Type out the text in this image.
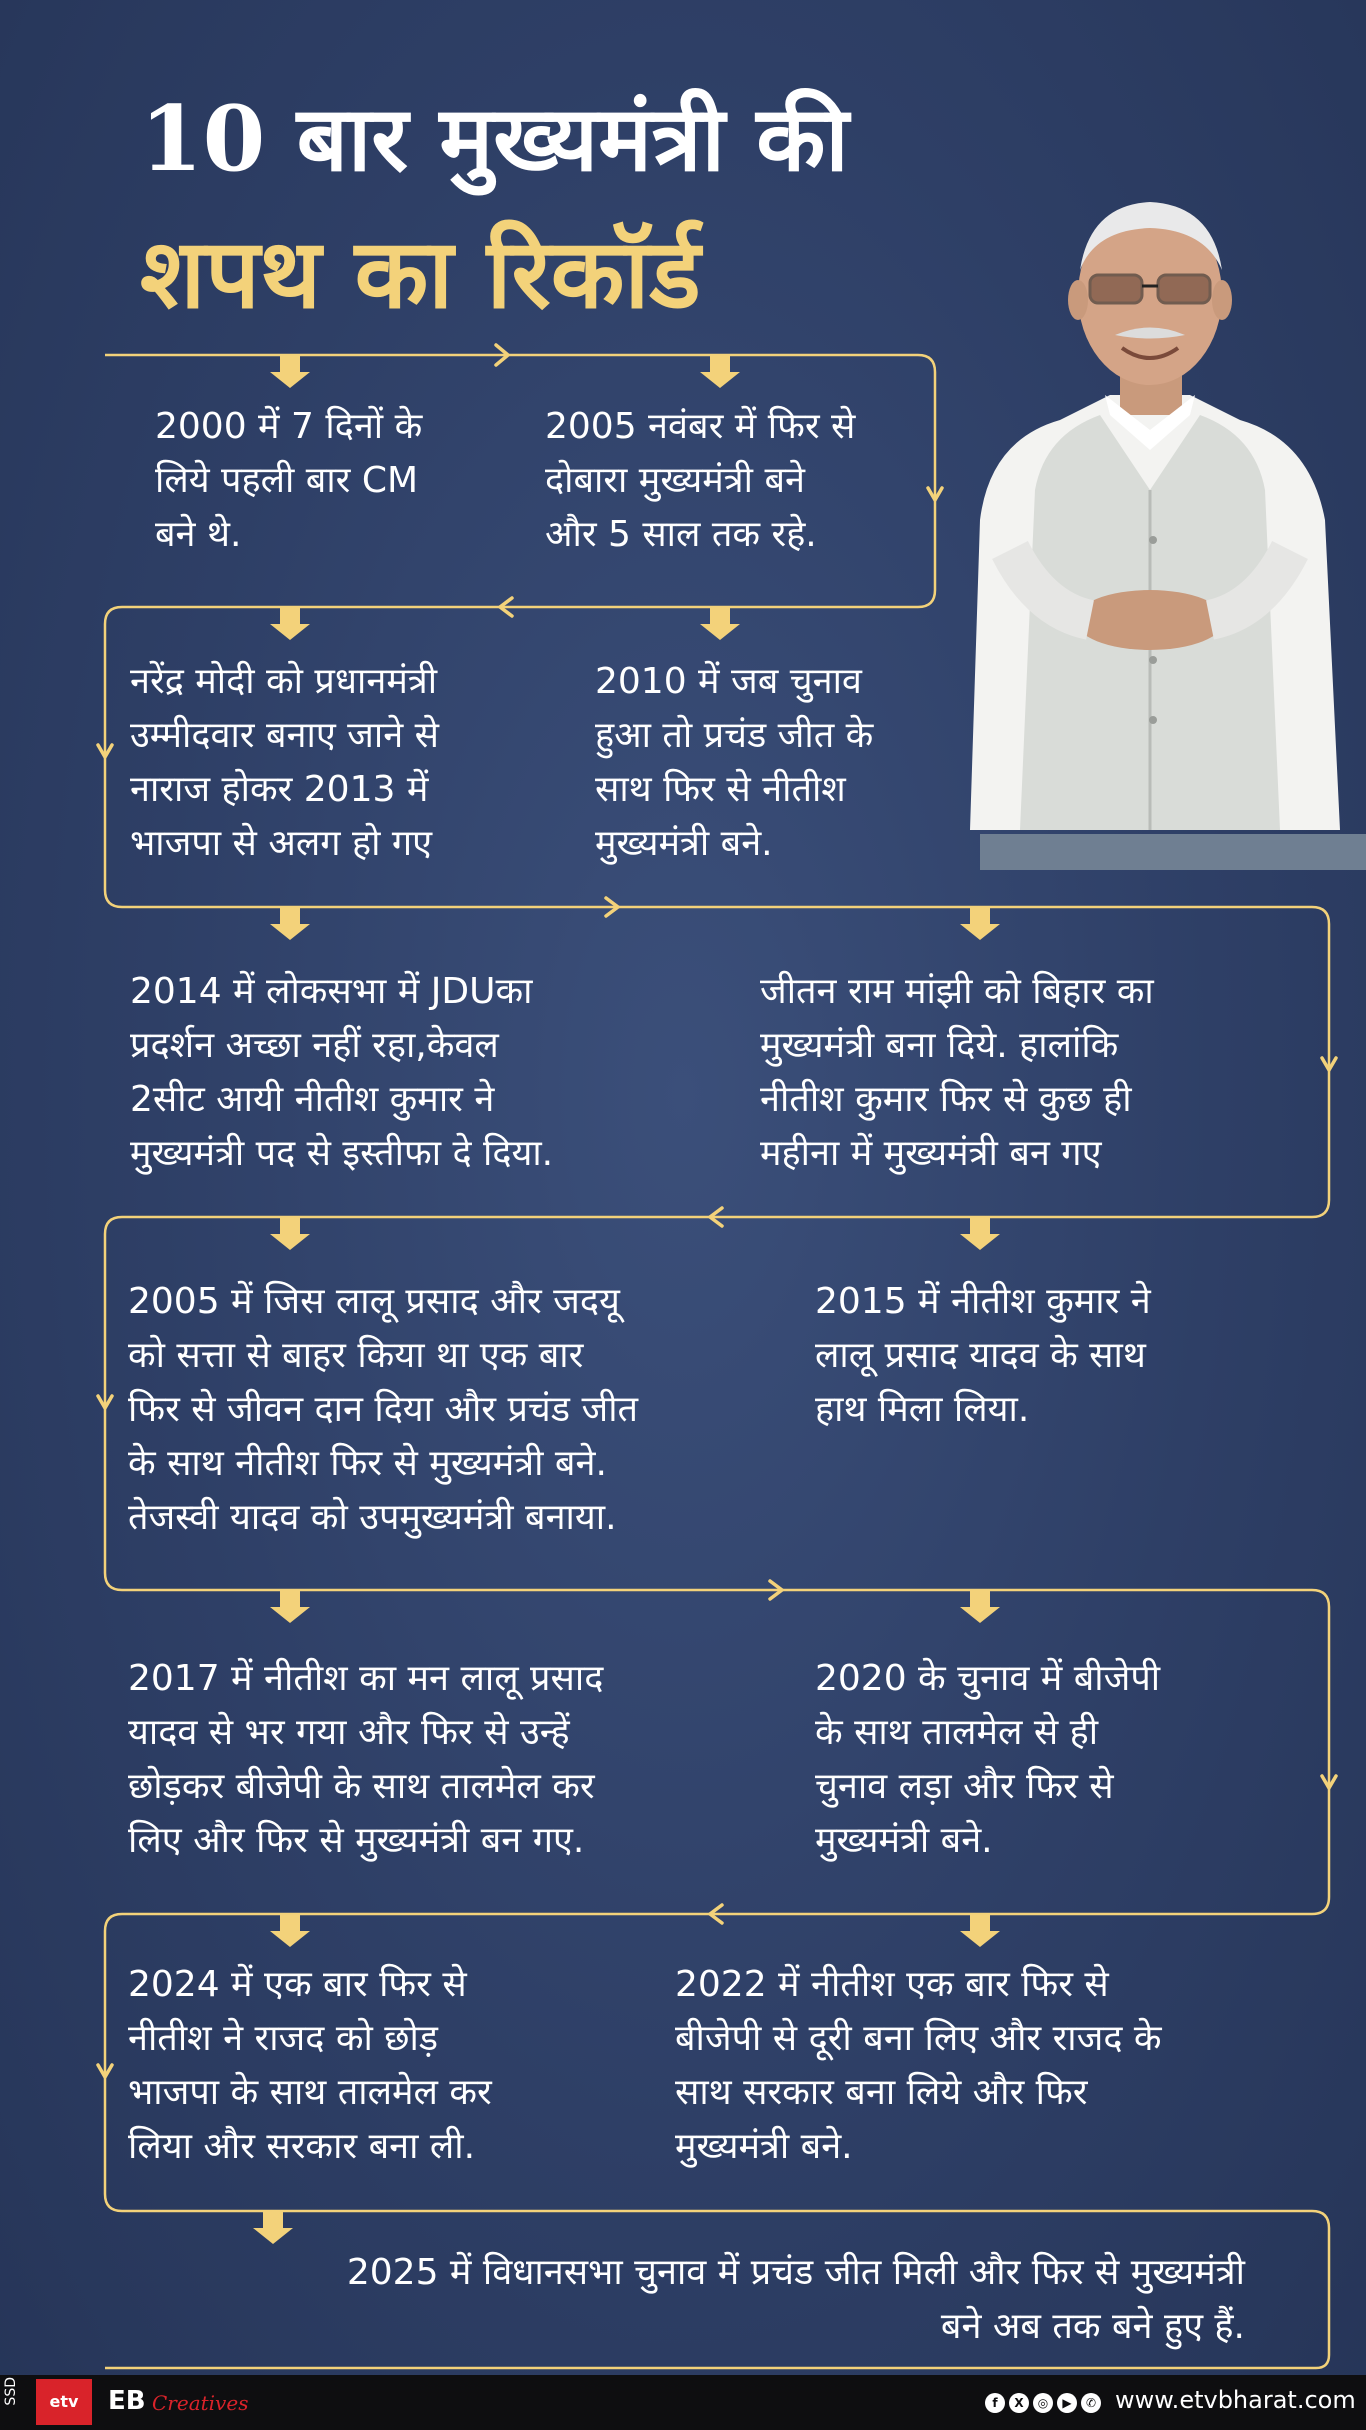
10 बार मुख्यमंत्री की
शपथ का रिकॉर्ड

2000 में 7 दिनों के
लिये पहली बार CM
बने थे.

2005 नवंबर में फिर से
दोबारा मुख्यमंत्री बने
और 5 साल तक रहे.

नरेंद्र मोदी को प्रधानमंत्री
उम्मीदवार बनाए जाने से
नाराज होकर 2013 में
भाजपा से अलग हो गए

2010 में जब चुनाव
हुआ तो प्रचंड जीत के
साथ फिर से नीतीश
मुख्यमंत्री बने.

2014 में लोकसभा में JDUका
प्रदर्शन अच्छा नहीं रहा,केवल
2सीट आयी नीतीश कुमार ने
मुख्यमंत्री पद से इस्तीफा दे दिया.

जीतन राम मांझी को बिहार का
मुख्यमंत्री बना दिये. हालांकि
नीतीश कुमार फिर से कुछ ही
महीना में मुख्यमंत्री बन गए

2005 में जिस लालू प्रसाद और जदयू
को सत्ता से बाहर किया था एक बार
फिर से जीवन दान दिया और प्रचंड जीत
के साथ नीतीश फिर से मुख्यमंत्री बने.
तेजस्वी यादव को उपमुख्यमंत्री बनाया.

2015 में नीतीश कुमार ने
लालू प्रसाद यादव के साथ
हाथ मिला लिया.

2017 में नीतीश का मन लालू प्रसाद
यादव से भर गया और फिर से उन्हें
छोड़कर बीजेपी के साथ तालमेल कर
लिए और फिर से मुख्यमंत्री बन गए.

2020 के चुनाव में बीजेपी
के साथ तालमेल से ही
चुनाव लड़ा और फिर से
मुख्यमंत्री बने.

2024 में एक बार फिर से
नीतीश ने राजद को छोड़
भाजपा के साथ तालमेल कर
लिया और सरकार बना ली.

2022 में नीतीश एक बार फिर से
बीजेपी से दूरी बना लिए और राजद के
साथ सरकार बना लिये और फिर
मुख्यमंत्री बने.

2025 में विधानसभा चुनाव में प्रचंड जीत मिली और फिर से मुख्यमंत्री
बने अब तक बने हुए हैं.

SSD	etv	EB Creatives	f X ◎ ▶ ✆ www.etvbharat.com
